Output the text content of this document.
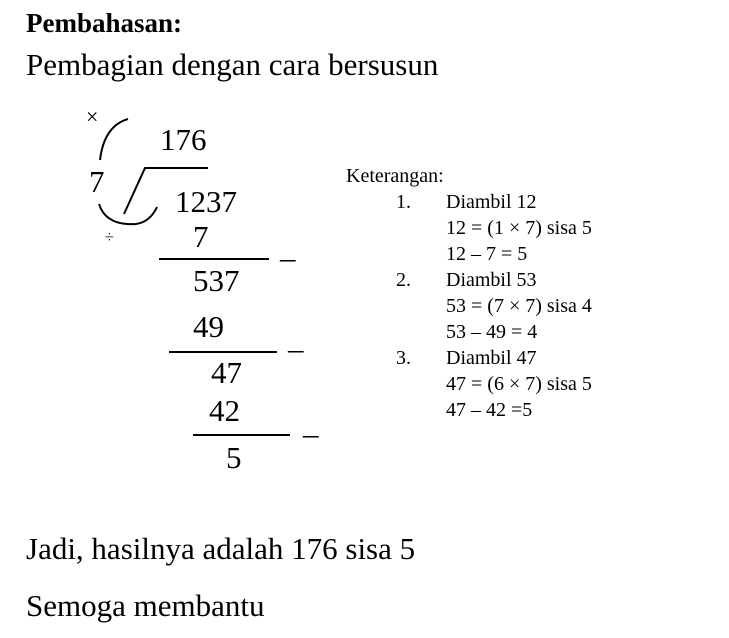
Pembahasan:
Pembagian dengan cara bersusun
×
176
7
1237
÷	7
–
537
49
–
47
42
–
5
Keterangan:
1. Diambil 12
12 = (1 × 7) sisa 5
12 – 7 = 5
2. Diambil 53
53 = (7 × 7) sisa 4
53 – 49 = 4
3. Diambil 47
47 = (6 × 7) sisa 5
47 – 42 =5
Jadi, hasilnya adalah 176 sisa 5
Semoga membantu
